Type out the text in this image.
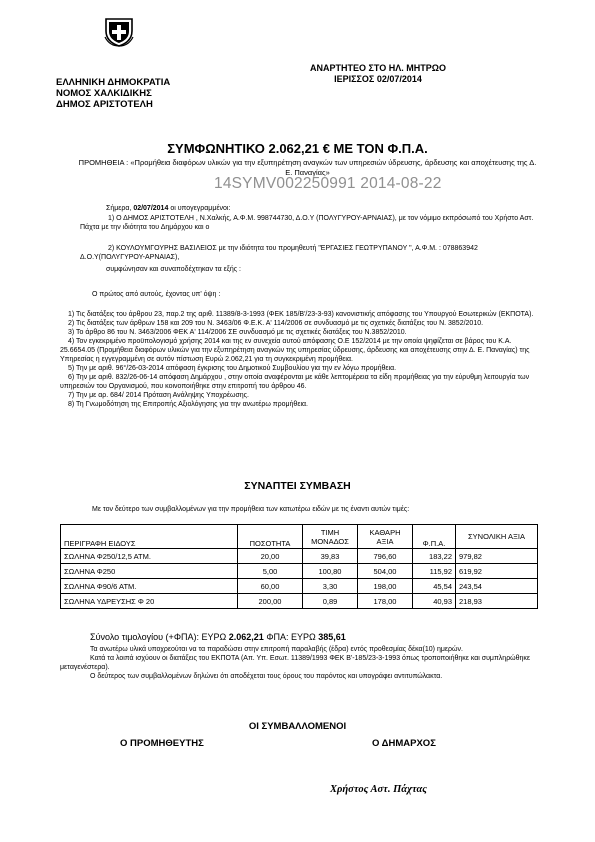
ΕΛΛΗΝΙΚΗ ΔΗΜΟΚΡΑΤΙΑ
ΝΟΜΟΣ ΧΑΛΚΙΔΙΚΗΣ
ΔΗΜΟΣ ΑΡΙΣΤΟΤΕΛΗ
ΑΝΑΡΤΗΤΕΟ ΣΤΟ ΗΛ. ΜΗΤΡΩΟ
ΙΕΡΙΣΣΟΣ 02/07/2014
ΣΥΜΦΩΝΗΤΙΚΟ 2.062,21 € ΜΕ ΤΟΝ Φ.Π.Α.
ΠΡΟΜΗΘΕΙΑ : «Προμήθεια διαφόρων υλικών για την εξυπηρέτηση αναγκών των υπηρεσιών ύδρευσης, άρδευσης και αποχέτευσης της Δ. Ε. Παναγίας»
14SYMV002250991 2014-08-22
Σήμερα, 02/07/2014 οι υπογεγραμμένοι:
1) Ο ΔΗΜΟΣ ΑΡΙΣΤΟΤΕΛΗ , Ν.Χαλκής, Α.Φ.Μ. 998744730, Δ.Ο.Υ (ΠΟΛΥΓΥΡΟΥ-ΑΡΝΑΙΑΣ), με τον νόμιμο εκπρόσωπό του Χρήστο Αστ. Πάχτα με την ιδιότητα του Δημάρχου και ο
2) ΚΟΥΛΟΥΜΓΟΥΡΗΣ ΒΑΣΙΛΕΙΟΣ με την ιδιότητα του προμηθευτή "ΕΡΓΑΣΙΕΣ ΓΕΩΤΡΥΠΑΝΟΥ ", Α.Φ.Μ. : 078863942 Δ.Ο.Υ(ΠΟΛΥΓΥΡΟΥ-ΑΡΝΑΙΑΣ),
συμφώνησαν και συναποδέχτηκαν τα εξής :
Ο πρώτος από αυτούς, έχοντας υπ' όψη :
1) Τις διατάξεις του άρθρου 23, παρ.2 της αριθ. 11389/8-3-1993 (ΦΕΚ 185/Β'/23-3-93) κανονιστικής απόφασης του Υπουργού Εσωτερικών (ΕΚΠΟΤΑ).
2) Τις διατάξεις των άρθρων 158 και 209 του Ν. 3463/06 Φ.Ε.Κ. Α' 114/2006 σε συνδυασμό με τις σχετικές διατάξεις του Ν. 3852/2010.
3) Το άρθρο 86 του Ν. 3463/2006 ΦΕΚ Α' 114/2006 ΣΕ συνδυασμό με τις σχετικές διατάξεις του Ν.3852/2010.
4) Τον εγκεκριμένο προϋπολογισμό χρήσης 2014 και της εν συνεχεία αυτού απόφασης Ο.Ε 152/2014 με την οποία ψηφίζεται σε βάρος του Κ.Α. 25.6654.05 (Προμήθεια διαφόρων υλικών για την εξυπηρέτηση αναγκών της υπηρεσίας ύδρευσης, άρδευσης και αποχέτευσης στην Δ. Ε. Παναγίας) της Υπηρεσίας η εγγεγραμμένη σε αυτόν πίστωση Ευρώ 2.062,21 για τη συγκεκριμένη προμήθεια.
5) Την με αριθ. 96°/26-03-2014 απόφαση έγκρισης του Δημοτικού Συμβουλίου για την εν λόγω προμήθεια.
6) Την με αριθ. 832/26-06-14 απόφαση Δημάρχου , στην οποία αναφέρονται με κάθε λεπτομέρεια τα είδη προμήθειας για την εύρυθμη λειτουργία των υπηρεσιών του Οργανισμού, που κοινοποιήθηκε στην επιτροπή του άρθρου 46.
7) Την με αρ. 684/ 2014 Πρόταση Ανάληψης Υποχρέωσης.
8) Τη Γνωμοδότηση της Επιτροπής Αξιολόγησης για την ανωτέρω προμήθεια.
ΣΥΝΑΠΤΕΙ ΣΥΜΒΑΣΗ
Με τον δεύτερο των συμβαλλομένων για την προμήθεια των κατωτέρω ειδών με τις έναντι αυτών τιμές:
ΠΕΡΙΓΡΑΦΗ ΕΙΔΟΥΣ	ΠΟΣΟΤΗΤΑ	ΤΙΜΗ ΜΟΝΑΔΟΣ	ΚΑΘΑΡΗ ΑΞΙΑ	Φ.Π.Α.	ΣΥΝΟΛΙΚΗ ΑΞΙΑ
ΣΩΛΗΝΑ Φ250/12,5 ΑΤΜ.	20,00	39,83	796,60	183,22	979,82
ΣΩΛΗΝΑ Φ250	5,00	100,80	504,00	115,92	619,92
ΣΩΛΗΝΑ Φ90/6 ΑΤΜ.	60,00	3,30	198,00	45,54	243,54
ΣΩΛΗΝΑ ΥΔΡΕΥΣΗΣ Φ 20	200,00	0,89	178,00	40,93	218,93
Σύνολο τιμολογίου (+ΦΠΑ): ΕΥΡΩ 2.062,21 ΦΠΑ: ΕΥΡΩ 385,61
Τα ανωτέρω υλικά υποχρεούται να τα παραδώσει στην επιτροπή παραλαβής (έδρα) εντός προθεσμίας δέκα(10) ημερών.
Κατά τα λοιπά ισχύουν οι διατάξεις του ΕΚΠΟΤΑ (Απ. Υπ. Εσωτ. 11389/1993 ΦΕΚ Β'-185/23-3-1993 όπως τροποποιήθηκε και συμπληρώθηκε μεταγενέστερα).
Ο δεύτερος των συμβαλλομένων δηλώνει ότι αποδέχεται τους όρους του παρόντος και υπογράφει αντιτυπώλακτα.
ΟΙ ΣΥΜΒΑΛΛΟΜΕΝΟΙ
Ο ΠΡΟΜΗΘΕΥΤΗΣ	Ο ΔΗΜΑΡΧΟΣ
Χρήστος Αστ. Πάχτας
